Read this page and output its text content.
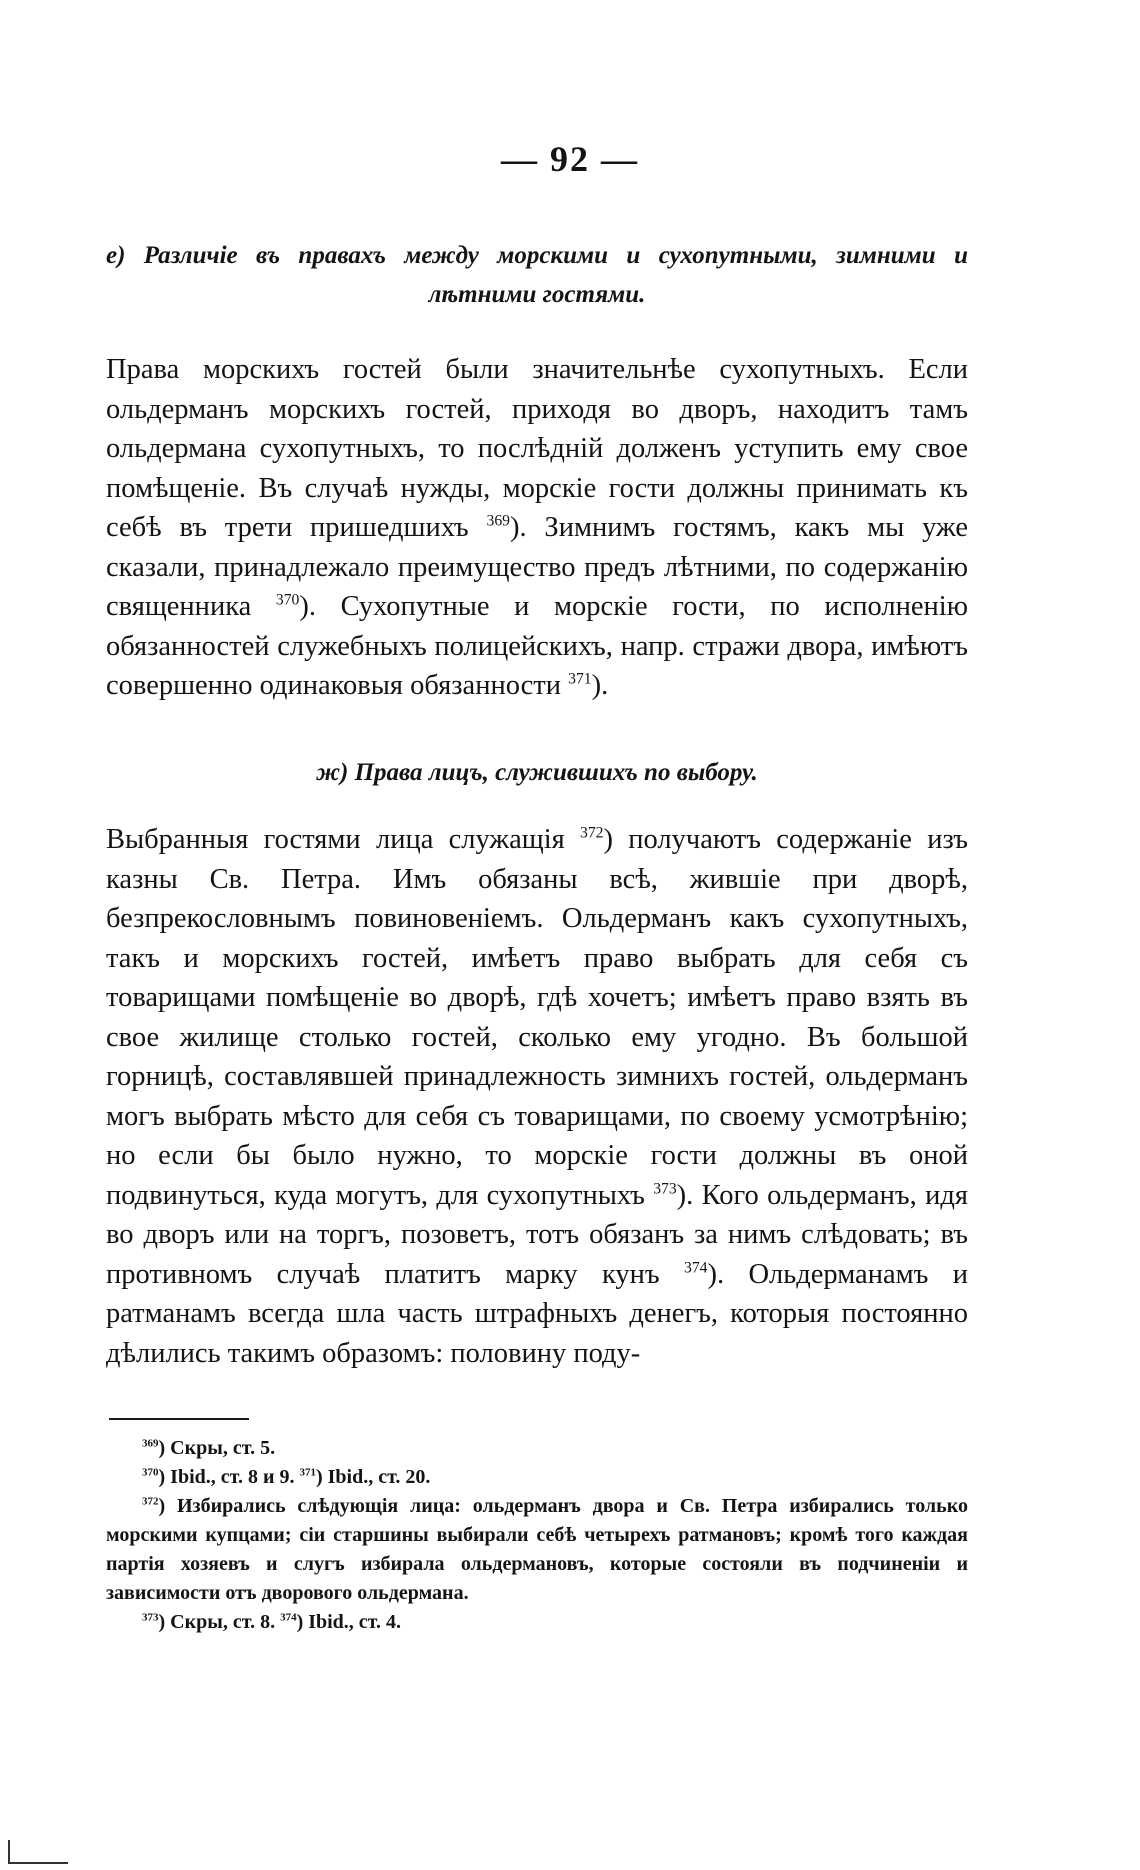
— 92 —

е) Различiе въ правахъ между морскими и сухопутными, зимними и лѣтними гостями.

Права морскихъ гостей были значительнѣе сухопутныхъ. Если ольдерманъ морскихъ гостей, приходя во дворъ, находитъ тамъ ольдермана сухопутныхъ, то послѣднiй долженъ уступить ему свое помѣщенiе. Въ случаѣ нужды, морскiе гости должны принимать къ себѣ въ трети пришедшихъ $^{369}$). Зимнимъ гостямъ, какъ мы уже сказали, принадлежало преимущество предъ лѣтними, по содержанiю священника $^{370}$). Сухопутные и морскiе гости, по исполненiю обязанностей служебныхъ полицейскихъ, напр. стражи двора, имѣютъ совершенно одинаковыя обязанности $^{371}$).

ж) Права лицъ, служившихъ по выбору.

Выбранныя гостями лица служащiя $^{372}$) получаютъ содержанiе изъ казны Св. Петра. Имъ обязаны всѣ, жившiе при дворѣ, безпрекословнымъ повиновенiемъ. Ольдерманъ какъ сухопутныхъ, такъ и морскихъ гостей, имѣетъ право выбрать для себя съ товарищами помѣщенiе во дворѣ, гдѣ хочетъ; имѣетъ право взять въ свое жилище столько гостей, сколько ему угодно. Въ большой горницѣ, составлявшей принадлежность зимнихъ гостей, ольдерманъ могъ выбрать мѣсто для себя съ товарищами, по своему усмотрѣнiю; но если бы было нужно, то морскiе гости должны въ оной подвинуться, куда могутъ, для сухопутныхъ $^{373}$). Кого ольдерманъ, идя во дворъ или на торгъ, позоветъ, тотъ обязанъ за нимъ слѣдовать; въ противномъ случаѣ платитъ марку кунъ $^{374}$). Ольдерманамъ и ратманамъ всегда шла часть штрафныхъ денегъ, которыя постоянно дѣлились такимъ образомъ: половину поду-

$^{369}$) Скры, ст. 5.

$^{370}$) Ibid., ст. 8 и 9. $^{371}$) Ibid., ст. 20.

$^{372}$) Избирались слѣдующiя лица: ольдерманъ двора и Св. Петра избирались только морскими купцами; сiи старшины выбирали себѣ четырехъ ратмановъ; кромѣ того каждая партiя хозяевъ и слугъ избирала ольдермановъ, которые состояли въ подчиненiи и зависимости отъ дворового ольдермана.

$^{373}$) Скры, ст. 8. $^{374}$) Ibid., ст. 4.
